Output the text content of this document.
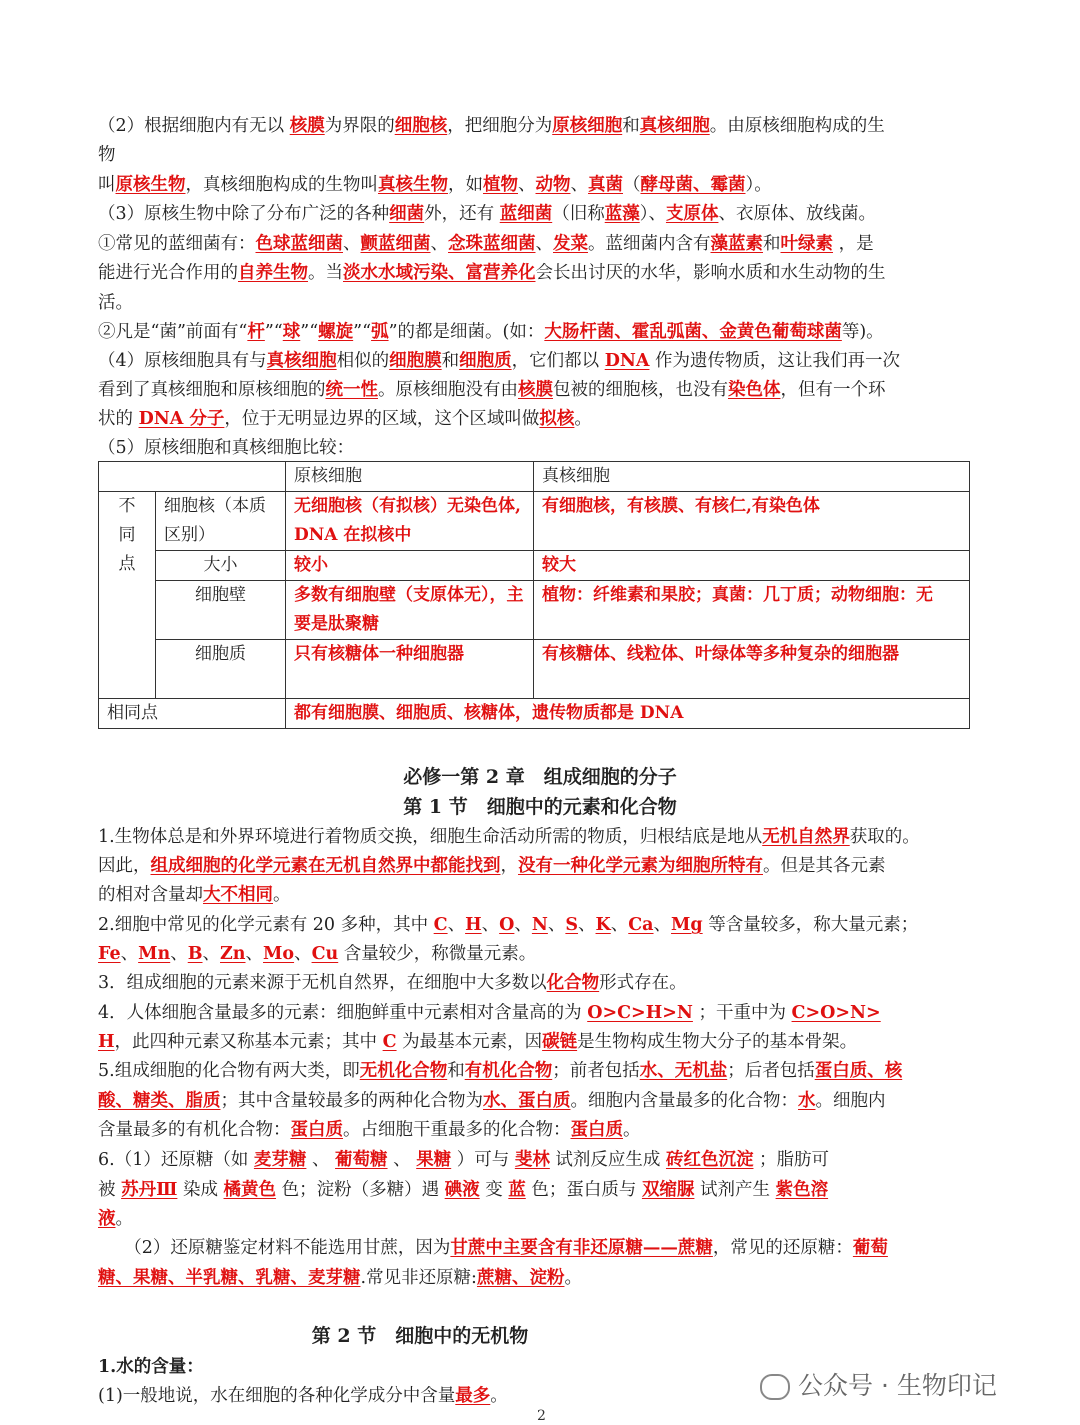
（2）根据细胞内有无以 核膜为界限的细胞核，把细胞分为原核细胞和真核细胞。由原核细胞构成的生
物
叫原核生物，真核细胞构成的生物叫真核生物，如植物、动物、真菌（酵母菌、霉菌）。
（3）原核生物中除了分布广泛的各种细菌外，还有 蓝细菌（旧称蓝藻）、支原体、衣原体、放线菌。
①常见的蓝细菌有：色球蓝细菌、颤蓝细菌、念珠蓝细菌、发菜。蓝细菌内含有藻蓝素和叶绿素 ，是
能进行光合作用的自养生物。当淡水水域污染、富营养化会长出讨厌的水华，影响水质和水生动物的生
活。
②凡是“菌”前面有“杆”“球”“螺旋”“弧”的都是细菌。(如：大肠杆菌、霍乱弧菌、金黄色葡萄球菌等)。
（4）原核细胞具有与真核细胞相似的细胞膜和细胞质，它们都以 DNA 作为遗传物质，这让我们再一次
看到了真核细胞和原核细胞的统一性。原核细胞没有由核膜包被的细胞核，也没有染色体，但有一个环
状的 DNA 分子，位于无明显边界的区域，这个区域叫做拟核。
（5）原核细胞和真核细胞比较：
		原核细胞	真核细胞

不同点	细胞核（本质区别）	无细胞核（有拟核）无染色体, DNA 在拟核中	有细胞核，有核膜、有核仁,有染色体
	大小	较小	较大
	细胞壁	多数有细胞壁（支原体无），主要是肽聚糖	植物：纤维素和果胶；真菌：几丁质；动物细胞：无
	细胞质	只有核糖体一种细胞器	有核糖体、线粒体、叶绿体等多种复杂的细胞器
相同点		都有细胞膜、细胞质、核糖体，遗传物质都是 DNA	
必修一第 2 章　组成细胞的分子
第 1 节　细胞中的元素和化合物
1.生物体总是和外界环境进行着物质交换，细胞生命活动所需的物质，归根结底是地从无机自然界获取的。
因此，组成细胞的化学元素在无机自然界中都能找到，没有一种化学元素为细胞所特有。但是其各元素
的相对含量却大不相同。
2.细胞中常见的化学元素有 20 多种，其中 C、H、O、N、S、K、Ca、Mg 等含量较多，称大量元素；
Fe、Mn、B、Zn、Mo、Cu 含量较少，称微量元素。
3．组成细胞的元素来源于无机自然界，在细胞中大多数以化合物形式存在。
4．人体细胞含量最多的元素：细胞鲜重中元素相对含量高的为 O>C>H>N ；干重中为 C>O>N>
H，此四种元素又称基本元素；其中 C 为最基本元素，因碳链是生物构成生物大分子的基本骨架。
5.组成细胞的化合物有两大类，即无机化合物和有机化合物；前者包括水、无机盐；后者包括蛋白质、核
酸、糖类、脂质；其中含量较最多的两种化合物为水、蛋白质。细胞内含量最多的化合物：水。细胞内
含量最多的有机化合物：蛋白质。占细胞干重最多的化合物：蛋白质。
6.（1）还原糖（如 麦芽糖 、 葡萄糖 、 果糖 ）可与 斐林 试剂反应生成 砖红色沉淀 ；脂肪可
被 苏丹Ⅲ 染成 橘黄色 色；淀粉（多糖）遇 碘液 变 蓝 色；蛋白质与 双缩脲 试剂产生 紫色溶
液。
　　（2）还原糖鉴定材料不能选用甘蔗，因为甘蔗中主要含有非还原糖——蔗糖，常见的还原糖：葡萄
糖、果糖、半乳糖、乳糖、麦芽糖.常见非还原糖:蔗糖、淀粉。
第 2 节　细胞中的无机物
1.水的含量：
(1)一般地说，水在细胞的各种化学成分中含量最多。	公众号 · 生物印记
2
